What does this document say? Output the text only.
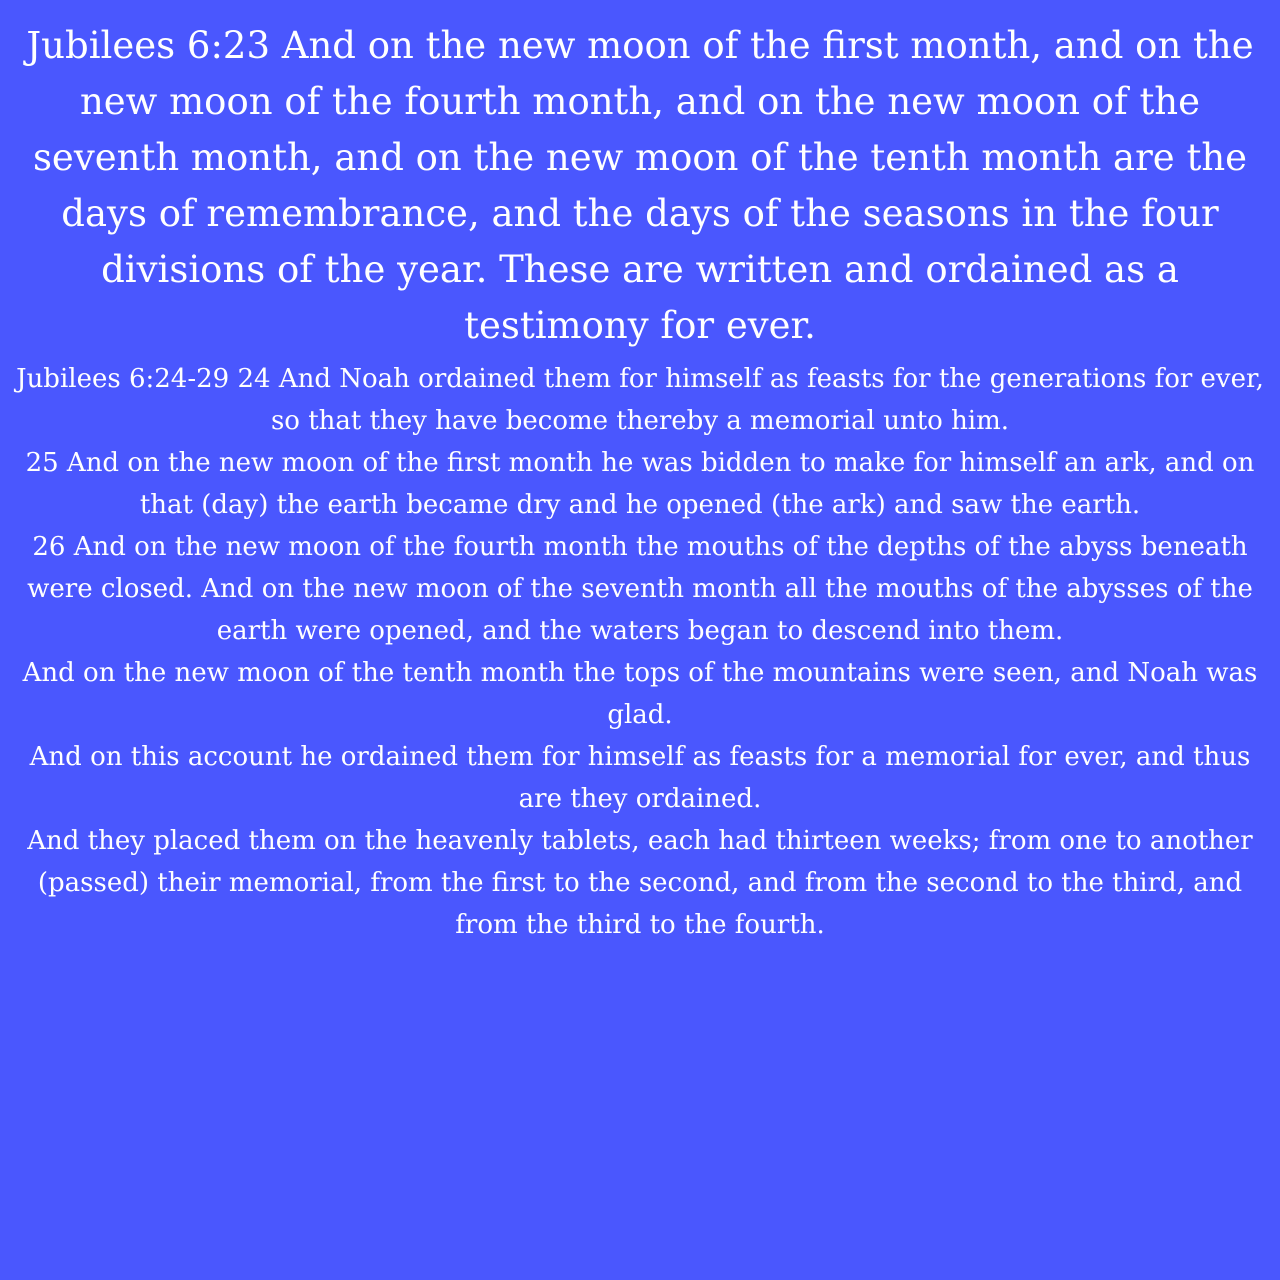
Jubilees 6:23 And on the new moon of the first month, and on the new moon of the fourth month, and on the new moon of the seventh month, and on the new moon of the tenth month are the days of remembrance, and the days of the seasons in the four divisions of the year. These are written and ordained as a testimony for ever.

Jubilees 6:24-29 24 And Noah ordained them for himself as feasts for the generations for ever, so that they have become thereby a memorial unto him.

25 And on the new moon of the first month he was bidden to make for himself an ark, and on that (day) the earth became dry and he opened (the ark) and saw the earth.

26 And on the new moon of the fourth month the mouths of the depths of the abyss beneath were closed. And on the new moon of the seventh month all the mouths of the abysses of the earth were opened, and the waters began to descend into them.

And on the new moon of the tenth month the tops of the mountains were seen, and Noah was glad.

And on this account he ordained them for himself as feasts for a memorial for ever, and thus are they ordained.

And they placed them on the heavenly tablets, each had thirteen weeks; from one to another (passed) their memorial, from the first to the second, and from the second to the third, and from the third to the fourth.
